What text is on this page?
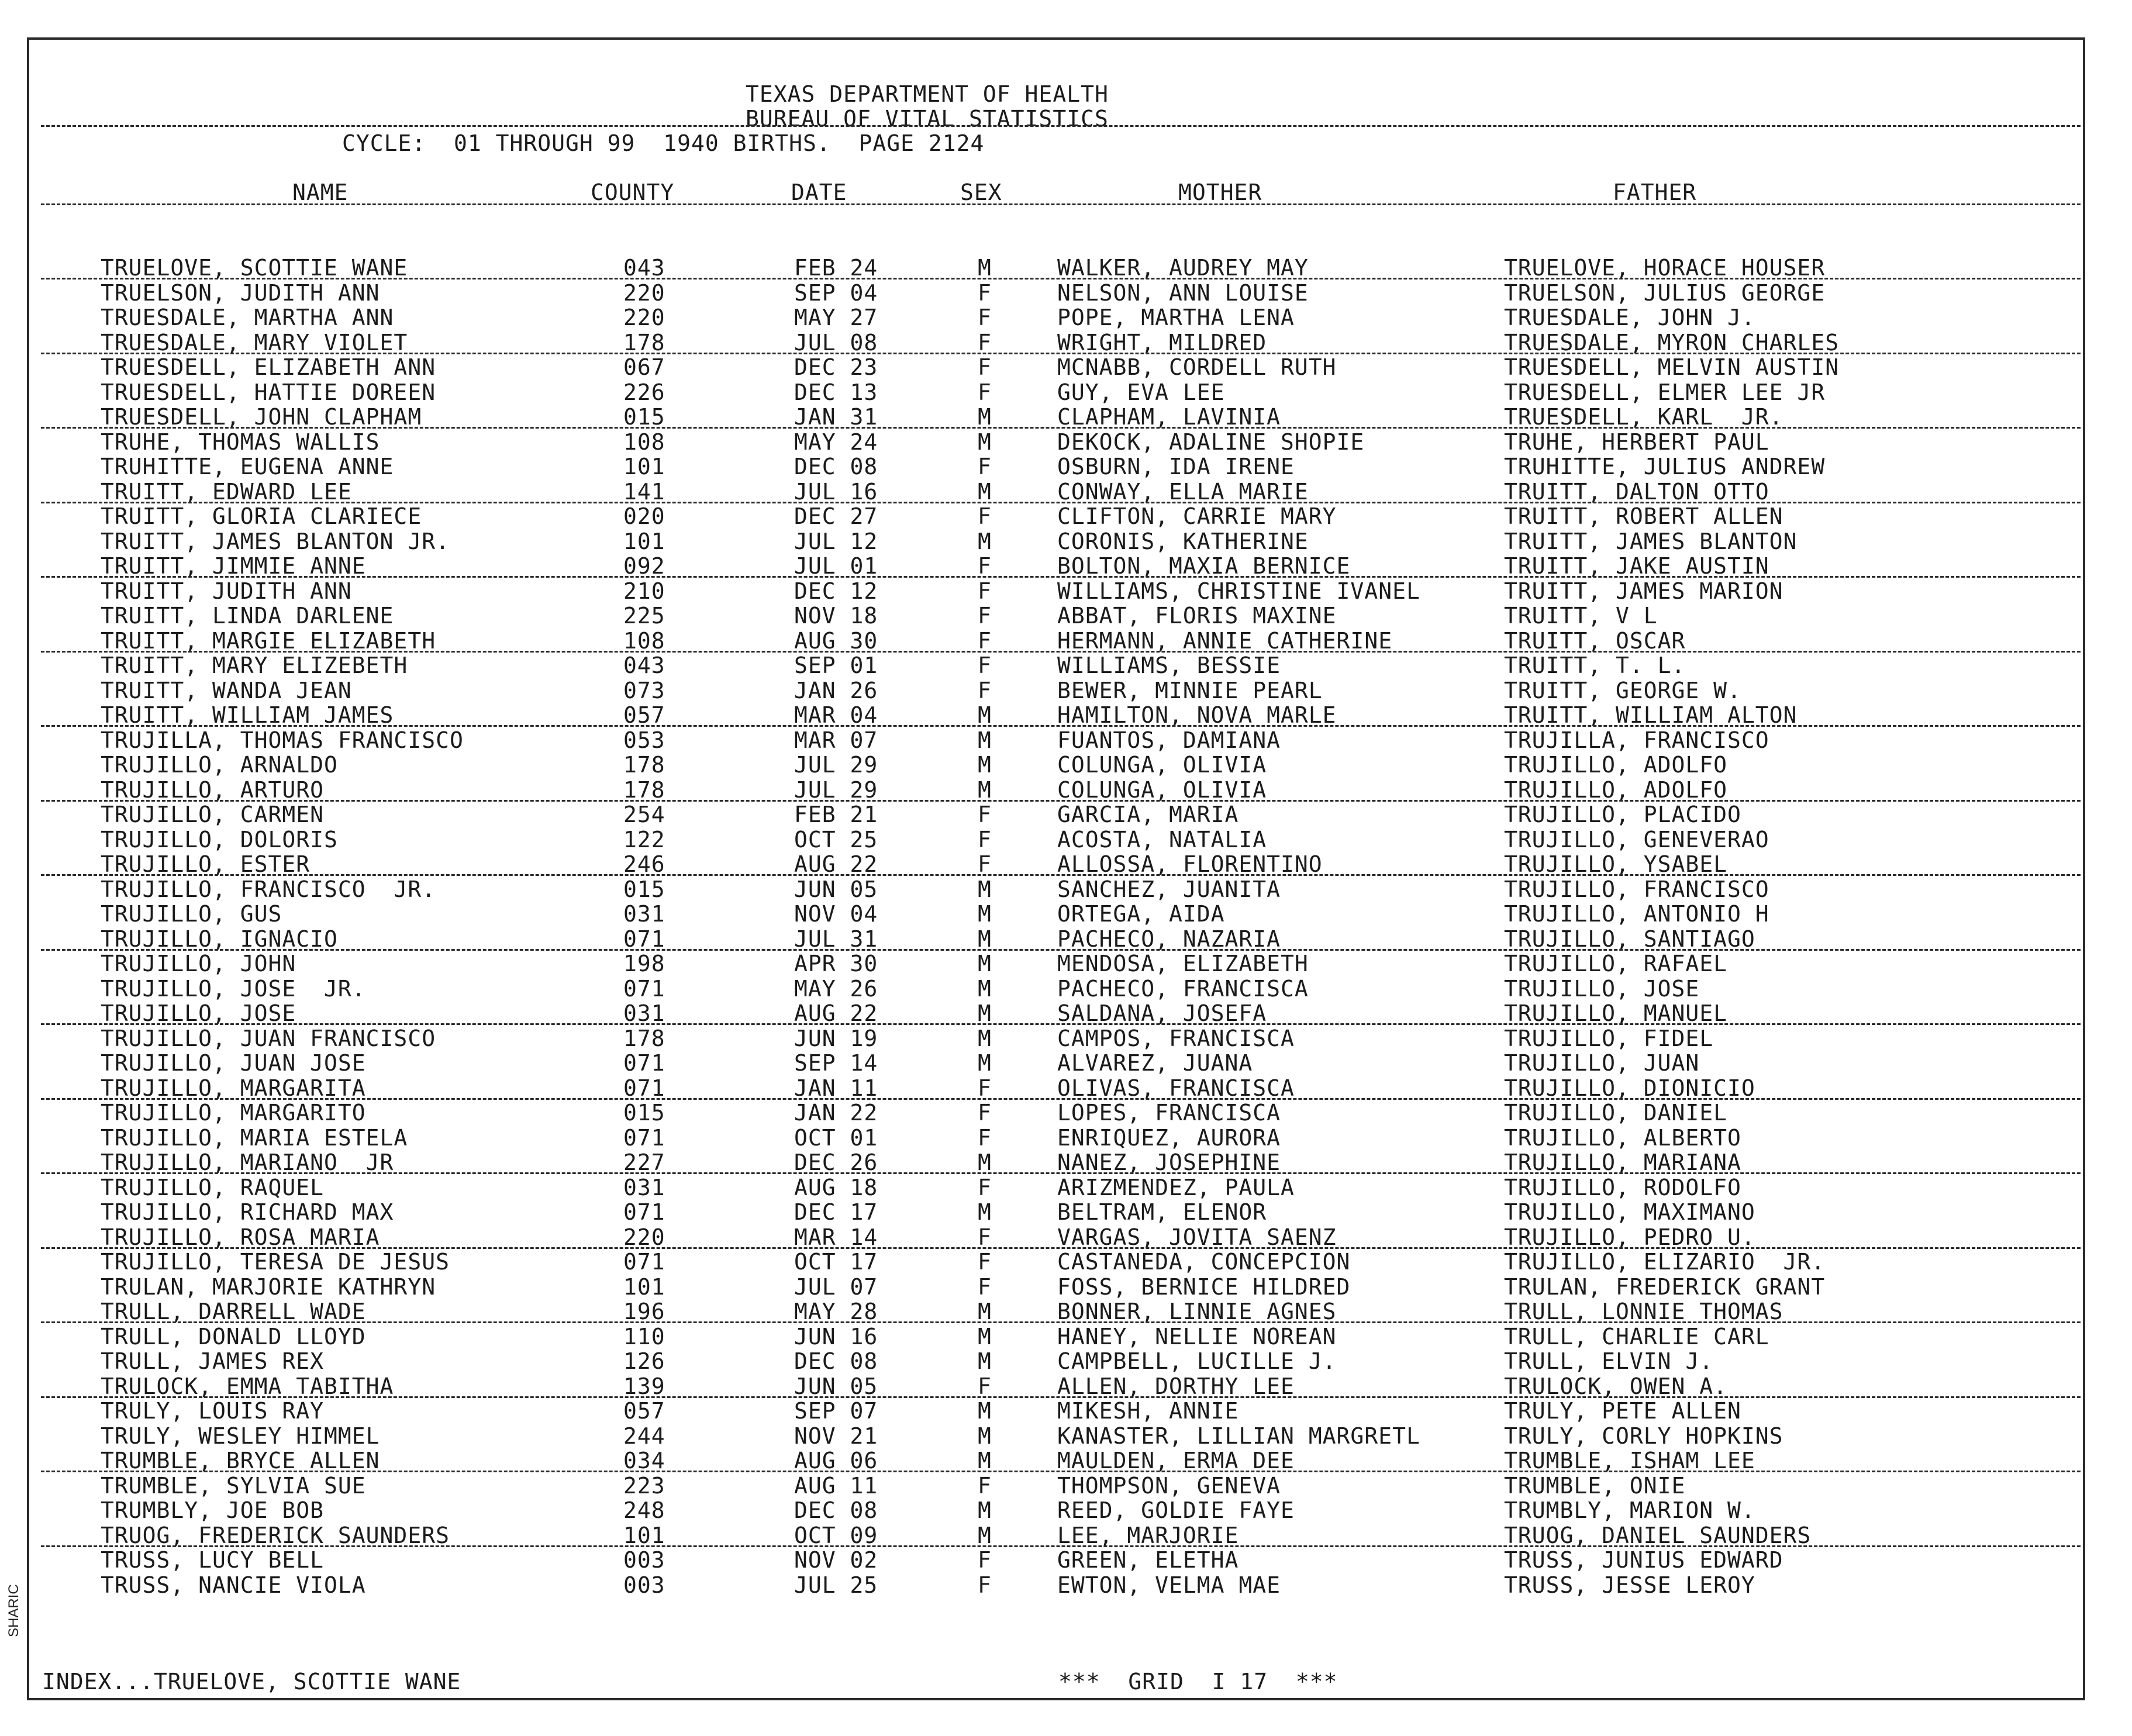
TEXAS DEPARTMENT OF HEALTH
BUREAU OF VITAL STATISTICS
CYCLE:  01 THROUGH 99  1940 BIRTHS.  PAGE 2124
NAME	COUNTY	DATE	SEX	MOTHER	FATHER
TRUELOVE, SCOTTIE WANE	043	FEB 24	M	WALKER, AUDREY MAY	TRUELOVE, HORACE HOUSER
TRUELSON, JUDITH ANN	220	SEP 04	F	NELSON, ANN LOUISE	TRUELSON, JULIUS GEORGE
TRUESDALE, MARTHA ANN	220	MAY 27	F	POPE, MARTHA LENA	TRUESDALE, JOHN J.
TRUESDALE, MARY VIOLET	178	JUL 08	F	WRIGHT, MILDRED	TRUESDALE, MYRON CHARLES
TRUESDELL, ELIZABETH ANN	067	DEC 23	F	MCNABB, CORDELL RUTH	TRUESDELL, MELVIN AUSTIN
TRUESDELL, HATTIE DOREEN	226	DEC 13	F	GUY, EVA LEE	TRUESDELL, ELMER LEE JR
TRUESDELL, JOHN CLAPHAM	015	JAN 31	M	CLAPHAM, LAVINIA	TRUESDELL, KARL  JR.
TRUHE, THOMAS WALLIS	108	MAY 24	M	DEKOCK, ADALINE SHOPIE	TRUHE, HERBERT PAUL
TRUHITTE, EUGENA ANNE	101	DEC 08	F	OSBURN, IDA IRENE	TRUHITTE, JULIUS ANDREW
TRUITT, EDWARD LEE	141	JUL 16	M	CONWAY, ELLA MARIE	TRUITT, DALTON OTTO
TRUITT, GLORIA CLARIECE	020	DEC 27	F	CLIFTON, CARRIE MARY	TRUITT, ROBERT ALLEN
TRUITT, JAMES BLANTON JR.	101	JUL 12	M	CORONIS, KATHERINE	TRUITT, JAMES BLANTON
TRUITT, JIMMIE ANNE	092	JUL 01	F	BOLTON, MAXIA BERNICE	TRUITT, JAKE AUSTIN
TRUITT, JUDITH ANN	210	DEC 12	F	WILLIAMS, CHRISTINE IVANEL	TRUITT, JAMES MARION
TRUITT, LINDA DARLENE	225	NOV 18	F	ABBAT, FLORIS MAXINE	TRUITT, V L
TRUITT, MARGIE ELIZABETH	108	AUG 30	F	HERMANN, ANNIE CATHERINE	TRUITT, OSCAR
TRUITT, MARY ELIZEBETH	043	SEP 01	F	WILLIAMS, BESSIE	TRUITT, T. L.
TRUITT, WANDA JEAN	073	JAN 26	F	BEWER, MINNIE PEARL	TRUITT, GEORGE W.
TRUITT, WILLIAM JAMES	057	MAR 04	M	HAMILTON, NOVA MARLE	TRUITT, WILLIAM ALTON
TRUJILLA, THOMAS FRANCISCO	053	MAR 07	M	FUANTOS, DAMIANA	TRUJILLA, FRANCISCO
TRUJILLO, ARNALDO	178	JUL 29	M	COLUNGA, OLIVIA	TRUJILLO, ADOLFO
TRUJILLO, ARTURO	178	JUL 29	M	COLUNGA, OLIVIA	TRUJILLO, ADOLFO
TRUJILLO, CARMEN	254	FEB 21	F	GARCIA, MARIA	TRUJILLO, PLACIDO
TRUJILLO, DOLORIS	122	OCT 25	F	ACOSTA, NATALIA	TRUJILLO, GENEVERAO
TRUJILLO, ESTER	246	AUG 22	F	ALLOSSA, FLORENTINO	TRUJILLO, YSABEL
TRUJILLO, FRANCISCO  JR.	015	JUN 05	M	SANCHEZ, JUANITA	TRUJILLO, FRANCISCO
TRUJILLO, GUS	031	NOV 04	M	ORTEGA, AIDA	TRUJILLO, ANTONIO H
TRUJILLO, IGNACIO	071	JUL 31	M	PACHECO, NAZARIA	TRUJILLO, SANTIAGO
TRUJILLO, JOHN	198	APR 30	M	MENDOSA, ELIZABETH	TRUJILLO, RAFAEL
TRUJILLO, JOSE  JR.	071	MAY 26	M	PACHECO, FRANCISCA	TRUJILLO, JOSE
TRUJILLO, JOSE	031	AUG 22	M	SALDANA, JOSEFA	TRUJILLO, MANUEL
TRUJILLO, JUAN FRANCISCO	178	JUN 19	M	CAMPOS, FRANCISCA	TRUJILLO, FIDEL
TRUJILLO, JUAN JOSE	071	SEP 14	M	ALVAREZ, JUANA	TRUJILLO, JUAN
TRUJILLO, MARGARITA	071	JAN 11	F	OLIVAS, FRANCISCA	TRUJILLO, DIONICIO
TRUJILLO, MARGARITO	015	JAN 22	F	LOPES, FRANCISCA	TRUJILLO, DANIEL
TRUJILLO, MARIA ESTELA	071	OCT 01	F	ENRIQUEZ, AURORA	TRUJILLO, ALBERTO
TRUJILLO, MARIANO  JR	227	DEC 26	M	NANEZ, JOSEPHINE	TRUJILLO, MARIANA
TRUJILLO, RAQUEL	031	AUG 18	F	ARIZMENDEZ, PAULA	TRUJILLO, RODOLFO
TRUJILLO, RICHARD MAX	071	DEC 17	M	BELTRAM, ELENOR	TRUJILLO, MAXIMANO
TRUJILLO, ROSA MARIA	220	MAR 14	F	VARGAS, JOVITA SAENZ	TRUJILLO, PEDRO U.
TRUJILLO, TERESA DE JESUS	071	OCT 17	F	CASTANEDA, CONCEPCION	TRUJILLO, ELIZARIO  JR.
TRULAN, MARJORIE KATHRYN	101	JUL 07	F	FOSS, BERNICE HILDRED	TRULAN, FREDERICK GRANT
TRULL, DARRELL WADE	196	MAY 28	M	BONNER, LINNIE AGNES	TRULL, LONNIE THOMAS
TRULL, DONALD LLOYD	110	JUN 16	M	HANEY, NELLIE NOREAN	TRULL, CHARLIE CARL
TRULL, JAMES REX	126	DEC 08	M	CAMPBELL, LUCILLE J.	TRULL, ELVIN J.
TRULOCK, EMMA TABITHA	139	JUN 05	F	ALLEN, DORTHY LEE	TRULOCK, OWEN A.
TRULY, LOUIS RAY	057	SEP 07	M	MIKESH, ANNIE	TRULY, PETE ALLEN
TRULY, WESLEY HIMMEL	244	NOV 21	M	KANASTER, LILLIAN MARGRETL	TRULY, CORLY HOPKINS
TRUMBLE, BRYCE ALLEN	034	AUG 06	M	MAULDEN, ERMA DEE	TRUMBLE, ISHAM LEE
TRUMBLE, SYLVIA SUE	223	AUG 11	F	THOMPSON, GENEVA	TRUMBLE, ONIE
TRUMBLY, JOE BOB	248	DEC 08	M	REED, GOLDIE FAYE	TRUMBLY, MARION W.
TRUOG, FREDERICK SAUNDERS	101	OCT 09	M	LEE, MARJORIE	TRUOG, DANIEL SAUNDERS
TRUSS, LUCY BELL	003	NOV 02	F	GREEN, ELETHA	TRUSS, JUNIUS EDWARD
TRUSS, NANCIE VIOLA	003	JUL 25	F	EWTON, VELMA MAE	TRUSS, JESSE LEROY
INDEX...TRUELOVE, SCOTTIE WANE	***  GRID  I 17  ***
SHARIC
